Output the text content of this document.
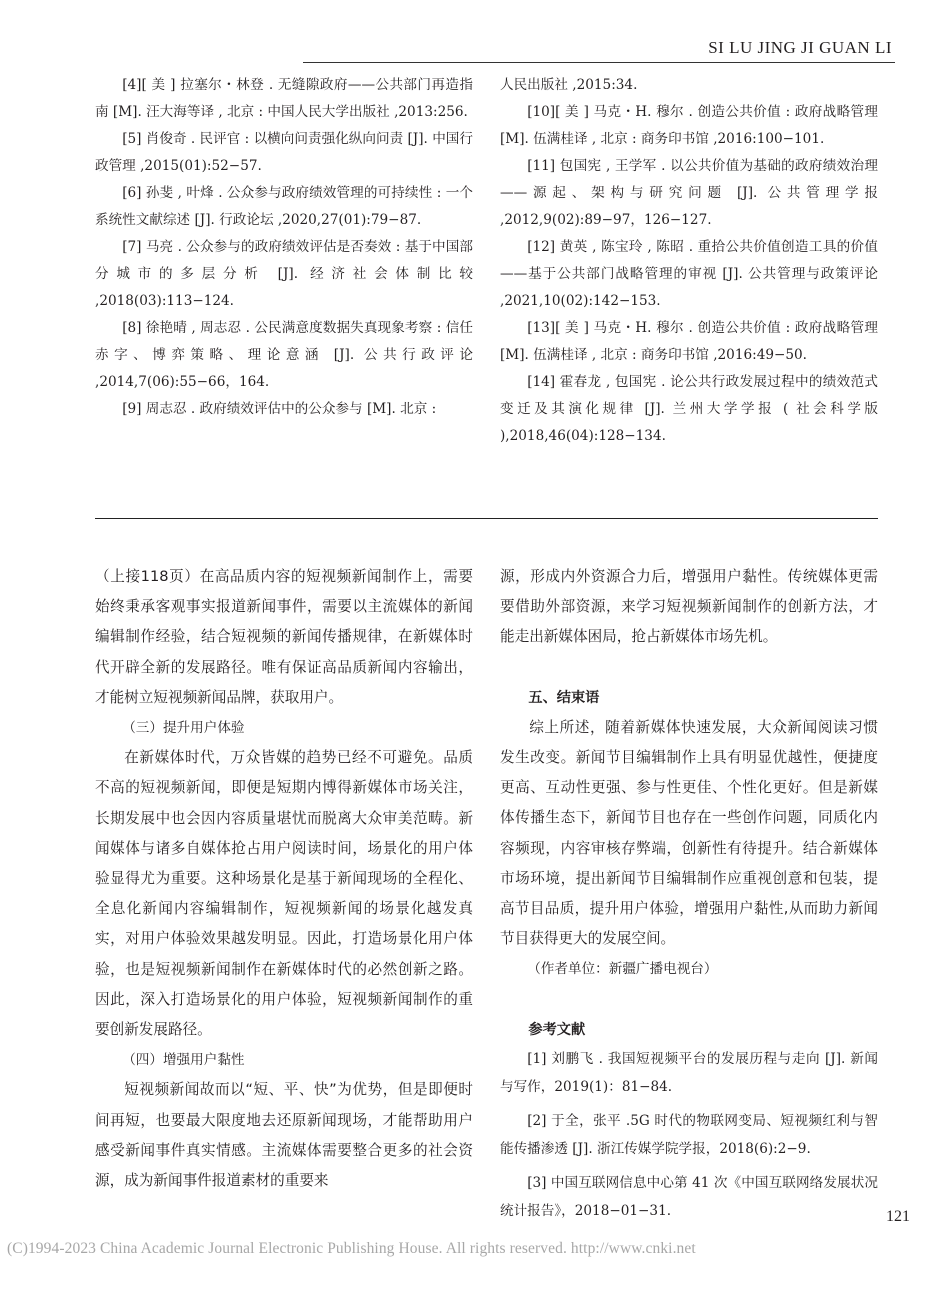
SI LU JING JI GUAN LI

[4][ 美 ] 拉塞尔・林登 . 无缝隙政府——公共部门再造指南 [M]. 汪大海等译 , 北京 : 中国人民大学出版社 ,2013:256.

[5] 肖俊奇 . 民评官 : 以横向问责强化纵向问责 [J]. 中国行政管理 ,2015(01):52−57.

[6] 孙斐 , 叶烽 . 公众参与政府绩效管理的可持续性 : 一个系统性文献综述 [J]. 行政论坛 ,2020,27(01):79−87.

[7] 马亮 . 公众参与的政府绩效评估是否奏效 : 基于中国部分城市的多层分析 [J]. 经济社会体制比较 ,2018(03):113−124.

[8] 徐艳晴 , 周志忍 . 公民满意度数据失真现象考察 : 信任赤字、博弈策略、理论意涵 [J]. 公共行政评论 ,2014,7(06):55−66，164.

[9] 周志忍 . 政府绩效评估中的公众参与 [M]. 北京 :

人民出版社 ,2015:34.

[10][ 美 ] 马克・H. 穆尔 . 创造公共价值 : 政府战略管理 [M]. 伍满桂译 , 北京 : 商务印书馆 ,2016:100−101.

[11] 包国宪 , 王学军 . 以公共价值为基础的政府绩效治理——源起、架构与研究问题 [J]. 公共管理学报 ,2012,9(02):89−97，126−127.

[12] 黄英 , 陈宝玲 , 陈昭 . 重拾公共价值创造工具的价值——基于公共部门战略管理的审视 [J]. 公共管理与政策评论 ,2021,10(02):142−153.

[13][ 美 ] 马克・H. 穆尔 . 创造公共价值 : 政府战略管理 [M]. 伍满桂译 , 北京 : 商务印书馆 ,2016:49−50.

[14] 霍春龙 , 包国宪 . 论公共行政发展过程中的绩效范式变迁及其演化规律 [J]. 兰州大学学报 ( 社会科学版 ),2018,46(04):128−134.

（上接118页）在高品质内容的短视频新闻制作上，需要始终秉承客观事实报道新闻事件，需要以主流媒体的新闻编辑制作经验，结合短视频的新闻传播规律，在新媒体时代开辟全新的发展路径。唯有保证高品质新闻内容输出，才能树立短视频新闻品牌，获取用户。

（三）提升用户体验

在新媒体时代，万众皆媒的趋势已经不可避免。品质不高的短视频新闻，即便是短期内博得新媒体市场关注，长期发展中也会因内容质量堪忧而脱离大众审美范畴。新闻媒体与诸多自媒体抢占用户阅读时间，场景化的用户体验显得尤为重要。这种场景化是基于新闻现场的全程化、全息化新闻内容编辑制作，短视频新闻的场景化越发真实，对用户体验效果越发明显。因此，打造场景化用户体验，也是短视频新闻制作在新媒体时代的必然创新之路。因此，深入打造场景化的用户体验，短视频新闻制作的重要创新发展路径。

（四）增强用户黏性

短视频新闻故而以“短、平、快”为优势，但是即便时间再短，也要最大限度地去还原新闻现场，才能帮助用户感受新闻事件真实情感。主流媒体需要整合更多的社会资源，成为新闻事件报道素材的重要来

源，形成内外资源合力后，增强用户黏性。传统媒体更需要借助外部资源，来学习短视频新闻制作的创新方法，才能走出新媒体困局，抢占新媒体市场先机。

五、结束语

综上所述，随着新媒体快速发展，大众新闻阅读习惯发生改变。新闻节目编辑制作上具有明显优越性，便捷度更高、互动性更强、参与性更佳、个性化更好。但是新媒体传播生态下，新闻节目也存在一些创作问题，同质化内容频现，内容审核存弊端，创新性有待提升。结合新媒体市场环境，提出新闻节目编辑制作应重视创意和包装，提高节目品质，提升用户体验，增强用户黏性,从而助力新闻节目获得更大的发展空间。

（作者单位：新疆广播电视台）

参考文献

[1] 刘鹏飞 . 我国短视频平台的发展历程与走向 [J]. 新闻与写作，2019(1)：81−84.

[2] 于全，张平 .5G 时代的物联网变局、短视频红利与智能传播渗透 [J]. 浙江传媒学院学报，2018(6):2−9.

[3] 中国互联网信息中心第 41 次《中国互联网络发展状况统计报告》，2018−01−31.	121
(C)1994-2023 China Academic Journal Electronic Publishing House. All rights reserved. http://www.cnki.net
